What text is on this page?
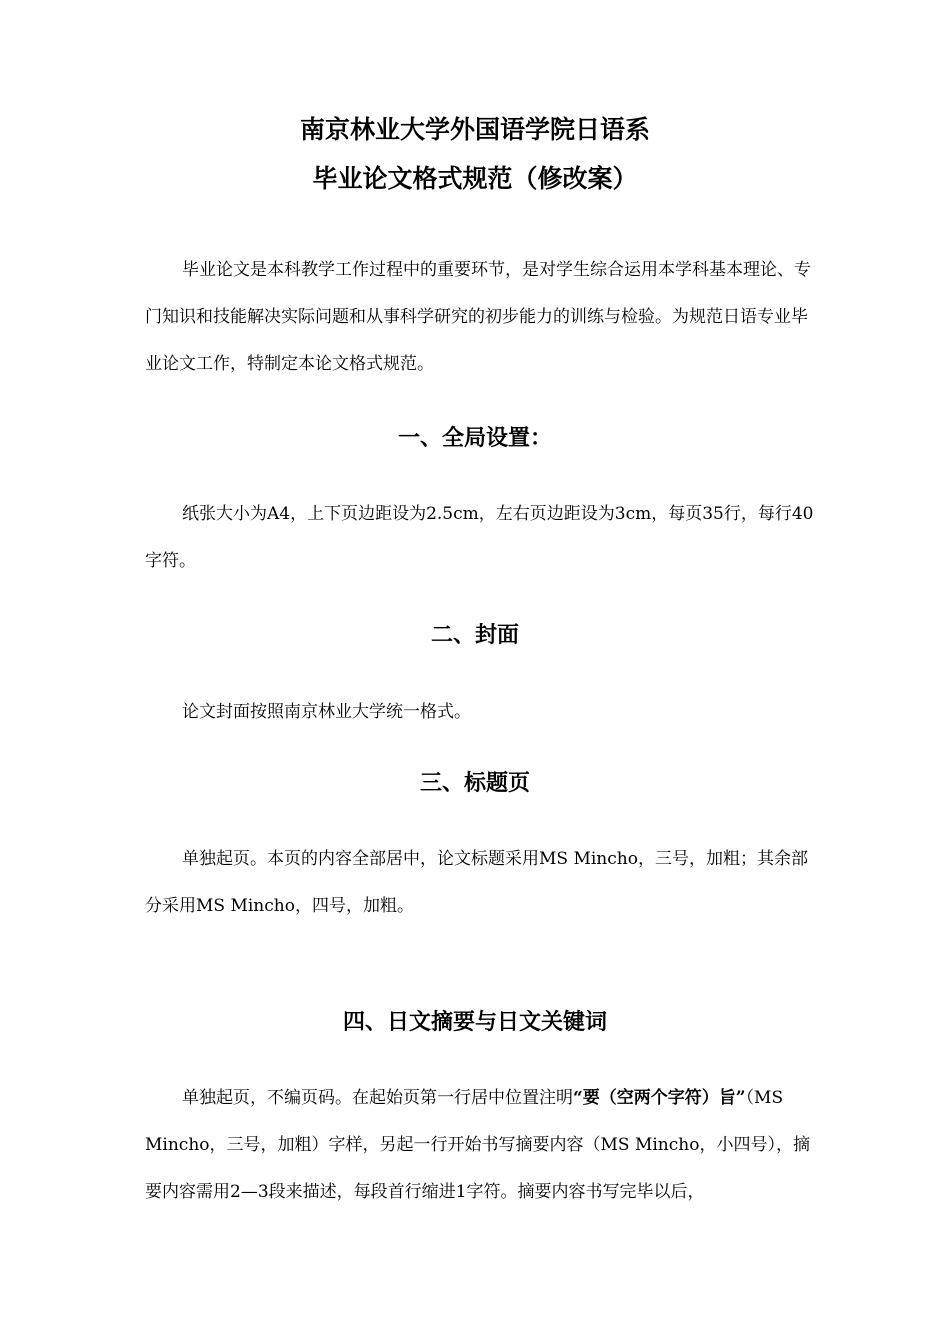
南京林业大学外国语学院日语系
毕业论文格式规范（修改案）

毕业论文是本科教学工作过程中的重要环节，是对学生综合运用本学科基本理论、专门知识和技能解决实际问题和从事科学研究的初步能力的训练与检验。为规范日语专业毕业论文工作，特制定本论文格式规范。

一、全局设置：

纸张大小为A4，上下页边距设为2.5cm，左右页边距设为3cm，每页35行，每行40字符。

二、封面

论文封面按照南京林业大学统一格式。

三、标题页

单独起页。本页的内容全部居中，论文标题采用MS Mincho，三号，加粗；其余部分采用MS Mincho，四号，加粗。

四、日文摘要与日文关键词

单独起页，不编页码。在起始页第一行居中位置注明“要（空两个字符）旨”（MS Mincho，三号，加粗）字样，另起一行开始书写摘要内容（MS Mincho，小四号），摘要内容需用2—3段来描述，每段首行缩进1字符。摘要内容书写完毕以后，
